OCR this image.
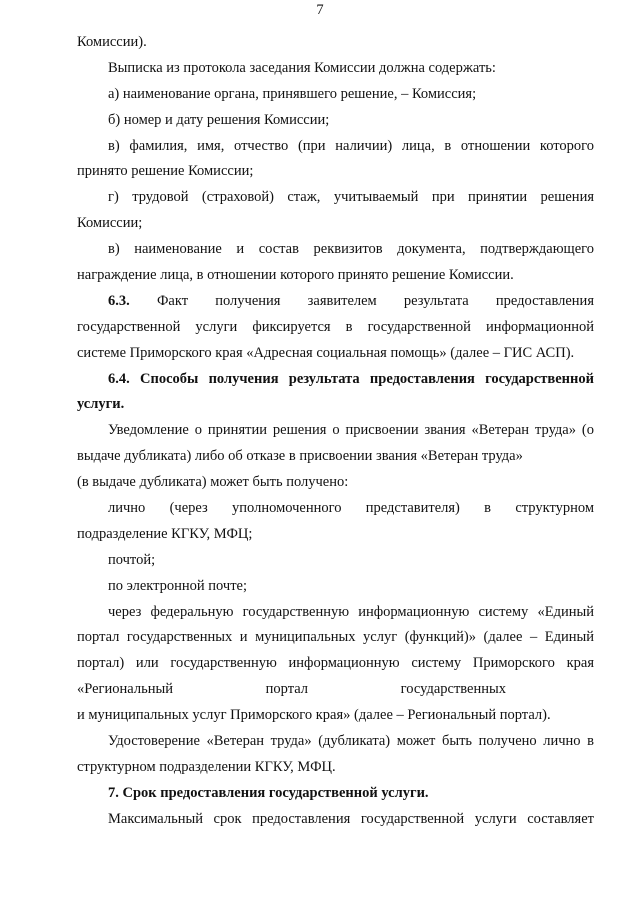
7
Комиссии).
Выписка из протокола заседания Комиссии должна содержать:
а) наименование органа, принявшего решение, – Комиссия;
б) номер и дату решения Комиссии;
в) фамилия, имя, отчество (при наличии) лица, в отношении которого
принято решение Комиссии;
г) трудовой (страховой) стаж, учитываемый при принятии решения
Комиссии;
в) наименование и состав реквизитов документа, подтверждающего
награждение лица, в отношении которого принято решение Комиссии.
6.3. Факт получения заявителем результата предоставления
государственной услуги фиксируется в государственной информационной
системе Приморского края «Адресная социальная помощь» (далее – ГИС АСП).
6.4. Способы получения результата предоставления государственной
услуги.
Уведомление о принятии решения о присвоении звания «Ветеран труда» (о
выдаче дубликата) либо об отказе в присвоении звания «Ветеран труда»
(в выдаче дубликата) может быть получено:
лично (через уполномоченного представителя) в структурном
подразделение КГКУ, МФЦ;
почтой;
по электронной почте;
через федеральную государственную информационную систему «Единый
портал государственных и муниципальных услуг (функций)» (далее – Единый
портал) или государственную информационную систему Приморского края
«Региональный портал государственных
и муниципальных услуг Приморского края» (далее – Региональный портал).
Удостоверение «Ветеран труда» (дубликата) может быть получено лично в
структурном подразделении КГКУ, МФЦ.
7. Срок предоставления государственной услуги.
Максимальный срок предоставления государственной услуги составляет
